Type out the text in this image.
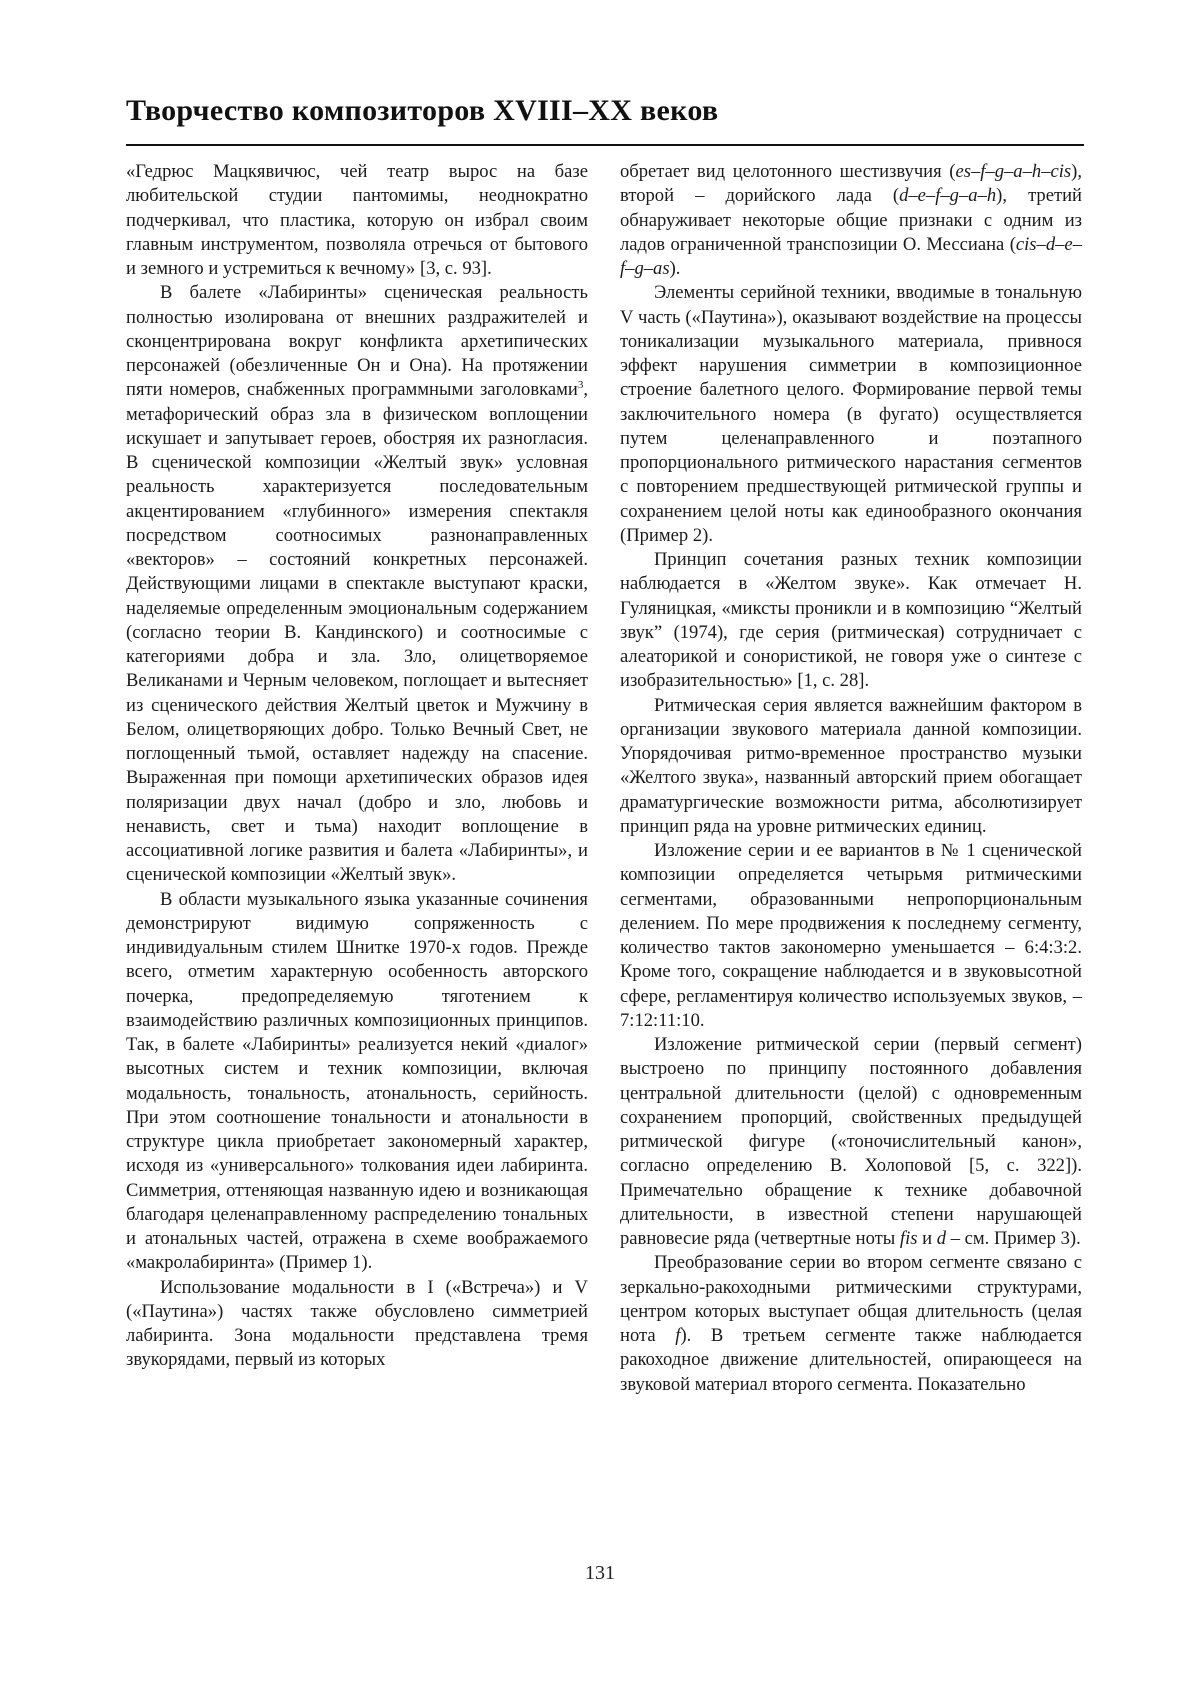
Творчество композиторов XVIII–XX веков

«Гедрюс Мацкявичюс, чей театр вырос на базе любительской студии пантомимы, неоднократно подчеркивал, что пластика, которую он избрал своим главным инструментом, позволяла отречься от бытового и земного и устремиться к вечному» [3, с. 93].

В балете «Лабиринты» сценическая реальность полностью изолирована от внешних раздражителей и сконцентрирована вокруг конфликта архетипических персонажей (обезличенные Он и Она). На протяжении пяти номеров, снабженных программными заголовками$^3$, метафорический образ зла в физическом воплощении искушает и запутывает героев, обостряя их разногласия. В сценической композиции «Желтый звук» условная реальность характеризуется последовательным акцентированием «глубинного» измерения спектакля посредством соотносимых разнонаправленных «векторов» – состояний конкретных персонажей. Действующими лицами в спектакле выступают краски, наделяемые определенным эмоциональным содержанием (согласно теории В. Кандинского) и соотносимые с категориями добра и зла. Зло, олицетворяемое Великанами и Черным человеком, поглощает и вытесняет из сценического действия Желтый цветок и Мужчину в Белом, олицетворяющих добро. Только Вечный Свет, не поглощенный тьмой, оставляет надежду на спасение. Выраженная при помощи архетипических образов идея поляризации двух начал (добро и зло, любовь и ненависть, свет и тьма) находит воплощение в ассоциативной логике развития и балета «Лабиринты», и сценической композиции «Желтый звук».

В области музыкального языка указанные сочинения демонстрируют видимую сопряженность с индивидуальным стилем Шнитке 1970-х годов. Прежде всего, отметим характерную особенность авторского почерка, предопределяемую тяготением к взаимодействию различных композиционных принципов. Так, в балете «Лабиринты» реализуется некий «диалог» высотных систем и техник композиции, включая модальность, тональность, атональность, серийность. При этом соотношение тональности и атональности в структуре цикла приобретает закономерный характер, исходя из «универсального» толкования идеи лабиринта. Симметрия, оттеняющая названную идею и возникающая благодаря целенаправленному распределению тональных и атональных частей, отражена в схеме воображаемого «макролабиринта» (Пример 1).

Использование модальности в I («Встреча») и V («Паутина») частях также обусловлено симметрией лабиринта. Зона модальности представлена тремя звукорядами, первый из которых

обретает вид целотонного шестизвучия (es–f–g–a–h–cis), второй – дорийского лада (d–e–f–g–a–h), третий обнаруживает некоторые общие признаки с одним из ладов ограниченной транспозиции О. Мессиана (cis–d–e–f–g–as).

Элементы серийной техники, вводимые в тональную V часть («Паутина»), оказывают воздействие на процессы тоникализации музыкального материала, привнося эффект нарушения симметрии в композиционное строение балетного целого. Формирование первой темы заключительного номера (в фугато) осуществляется путем целенаправленного и поэтапного пропорционального ритмического нарастания сегментов с повторением предшествующей ритмической группы и сохранением целой ноты как единообразного окончания (Пример 2).

Принцип сочетания разных техник композиции наблюдается в «Желтом звуке». Как отмечает Н. Гуляницкая, «миксты проникли и в композицию “Желтый звук” (1974), где серия (ритмическая) сотрудничает с алеаторикой и сонористикой, не говоря уже о синтезе с изобразительностью» [1, с. 28].

Ритмическая серия является важнейшим фактором в организации звукового материала данной композиции. Упорядочивая ритмо-временное пространство музыки «Желтого звука», названный авторский прием обогащает драматургические возможности ритма, абсолютизирует принцип ряда на уровне ритмических единиц.

Изложение серии и ее вариантов в № 1 сценической композиции определяется четырьмя ритмическими сегментами, образованными непропорциональным делением. По мере продвижения к последнему сегменту, количество тактов закономерно уменьшается – 6:4:3:2. Кроме того, сокращение наблюдается и в звуковысотной сфере, регламентируя количество используемых звуков, – 7:12:11:10.

Изложение ритмической серии (первый сегмент) выстроено по принципу постоянного добавления центральной длительности (целой) с одновременным сохранением пропорций, свойственных предыдущей ритмической фигуре («тоночислительный канон», согласно определению В. Холоповой [5, с. 322]). Примечательно обращение к технике добавочной длительности, в известной степени нарушающей равновесие ряда (четвертные ноты fis и d – см. Пример 3).

Преобразование серии во втором сегменте связано с зеркально-ракоходными ритмическими структурами, центром которых выступает общая длительность (целая нота f). В третьем сегменте также наблюдается ракоходное движение длительностей, опирающееся на звуковой материал второго сегмента. Показательно

131
